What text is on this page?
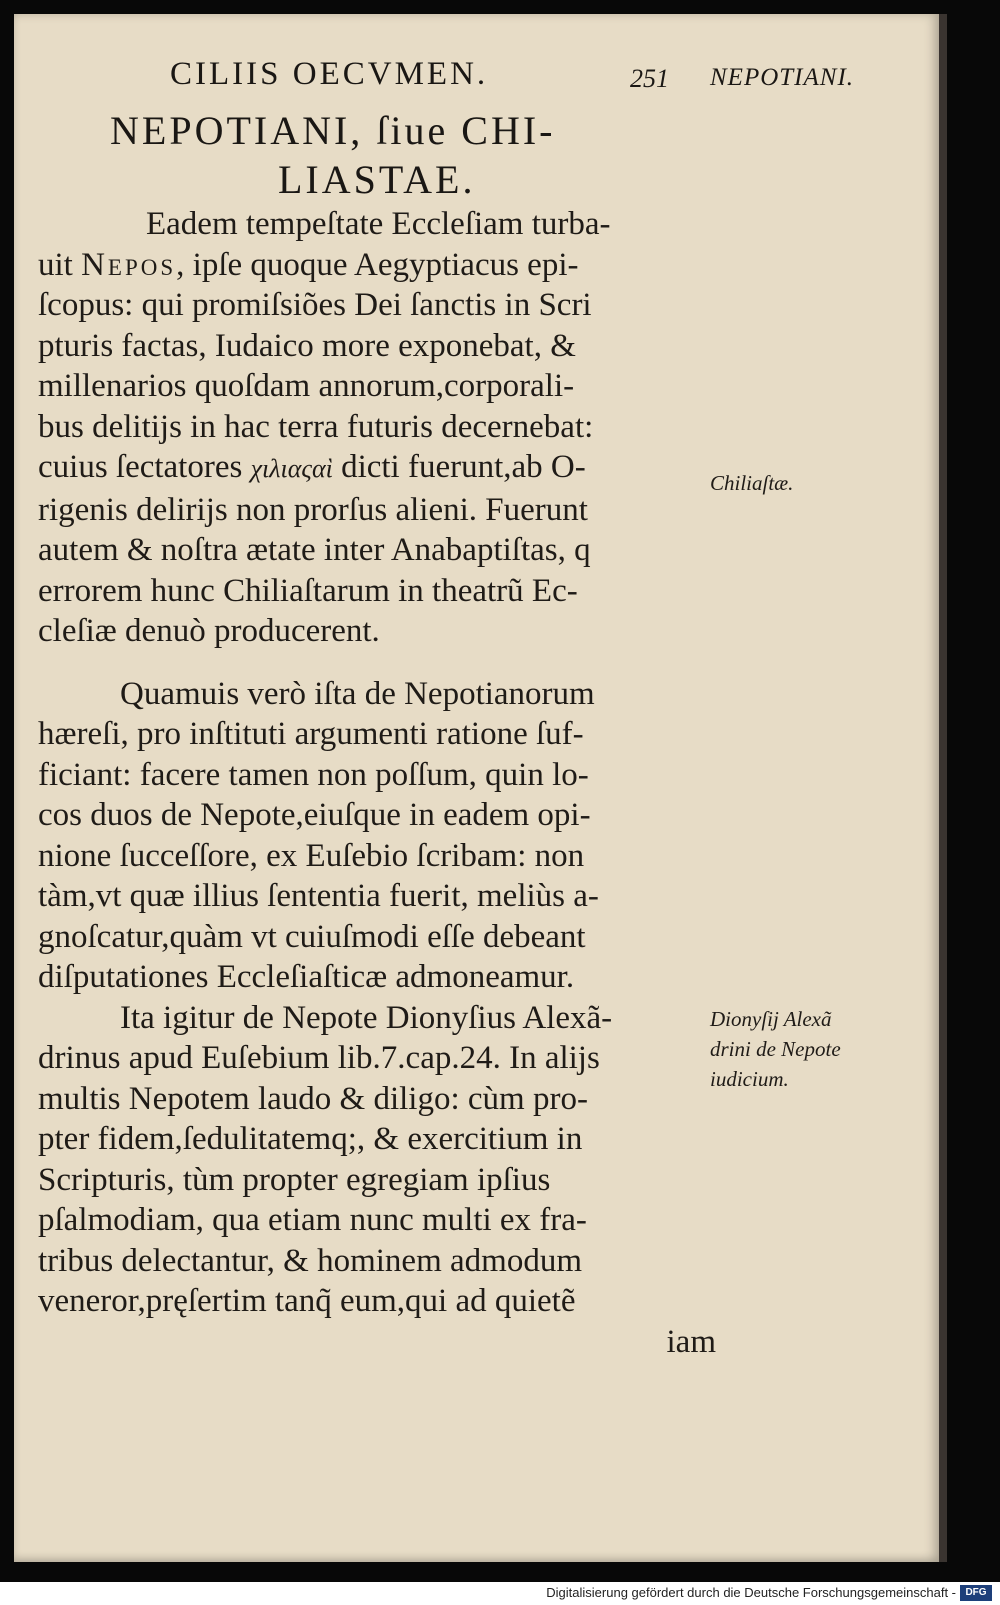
CILIIS OECVMEN.	251 NEPOTIANI.
NEPOTIANI, ſiue CHI-
LIASTAE.
Eadem tempeſtate Eccleſiam turba-
uit Nepos, ipſe quoque Aegyptiacus epi-
ſcopus: qui promiſsiões Dei ſanctis in Scri
pturis factas, Iudaico more exponebat, &
millenarios quoſdam annorum,corporali-
bus delitijs in hac terra futuris decernebat:
cuius ſectatores χιλιαςαὶ dicti fuerunt,ab O-
rigenis delirijs non prorſus alieni. Fuerunt
autem & noſtra ætate inter Anabaptiſtas, q
errorem hunc Chiliaſtarum in theatrũ Ec-
cleſiæ denuò producerent.
Quamuis verò iſta de Nepotianorum
hæreſi, pro inſtituti argumenti ratione ſuf-
ficiant: facere tamen non poſſum, quin lo-
cos duos de Nepote,eiuſque in eadem opi-
nione ſucceſſore, ex Euſebio ſcribam: non
tàm,vt quæ illius ſententia fuerit, meliùs a-
gnoſcatur,quàm vt cuiuſmodi eſſe debeant
diſputationes Eccleſiaſticæ admoneamur.
Ita igitur de Nepote Dionyſius Alexã-
drinus apud Euſebium lib.7.cap.24. In alijs
multis Nepotem laudo & diligo: cùm pro-
pter fidem,ſedulitatemq;, & exercitium in
Scripturis, tùm propter egregiam ipſius
pſalmodiam, qua etiam nunc multi ex fra-
tribus delectantur, & hominem admodum
veneror,pręſertim tanq̃ eum,qui ad quietẽ
iam
Chiliaſtæ.
Dionyſij Alexã
drini de Nepote
iudicium.
Digitalisierung gefördert durch die Deutsche Forschungsgemeinschaft - DFG
